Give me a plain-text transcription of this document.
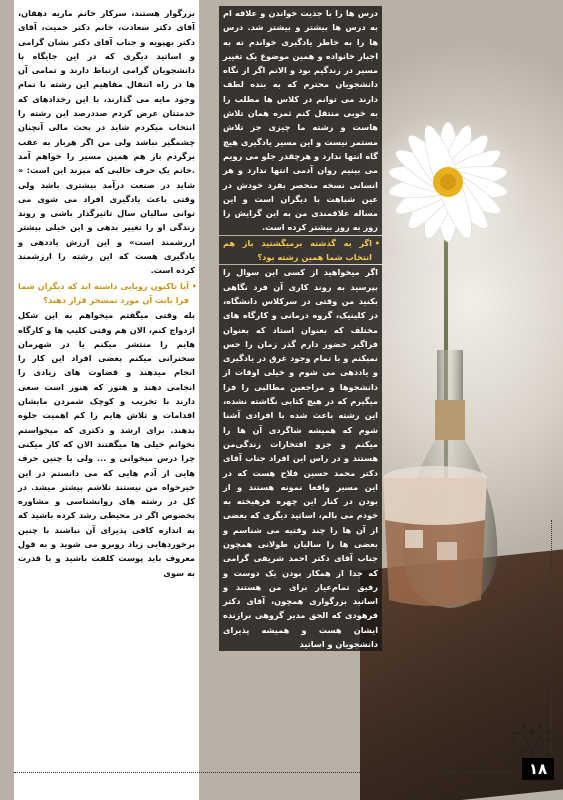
درس ها را با جدیت خواندن و علاقه ام به درس ها بیشتر و بیشتر شد. درس ها را به خاطر یادگیری خواندم نه به اجبار خانواده و همین موضوع یک تغییر مسیر در زندگیم بود و الانم اگر از نگاه دانشجویان محترم که به بنده لطف دارند می توانم در کلاس ها مطلب را به خوبی منتقل کنم ثمره همان تلاش هاست و رشته ما چیزی جز تلاش مستمر نیست و این مسیر یادگیری هیچ گاه انتها ندارد و هرچقدر جلو می رویم می بینیم روان آدمی انتها ندارد و هر انسانی نسخه منحصر بفرد خودش در عین شباهت با دیگران است و این مساله علاقمندی من به این گرایش را روز به روز بیشتر کرده است.

• اگر به گذشته برمیگشتید باز هم انتخاب شما همین رشته بود؟

اگر میخواهید از کسی این سوال را بپرسید به روند کاری آن فرد نگاهی بکنید من وقتی در سرکلاس دانشگاه، در کلینیک، گروه درمانی و کارگاه های مختلف که بعنوان استاد که بعنوان فراگیر حضور دارم گذر زمان را حس نمیکنم و با تمام وجود غرق در یادگیری و یاددهی می شوم و خیلی اوقات از دانشجوها و مراجعین مطالبی را فرا میگیرم که در هیچ کتابی نگاشته نشده، این رشته باعث شده با افرادی آشنا شوم که همیشه شاگردی آن ها را میکنم و جزو افتخارات زندگی‌من هستند و در راس این افراد جناب آقای دکتر محمد حسین فلاح هست که در این مسیر واقعا نمونه هستند و از بودن در کنار این چهره فرهیخته به خودم می بالم، اساتید دیگری که بعضی از آن ها را چند وقتیه می شناسم و بعضی ها را سالیان طولانی همچون جناب آقای دکتر احمد شریفی گرامی که جدا از همکار بودن یک دوست و رفیق تمام‌عیار برای من هستند و اساتید بزرگواری همچون، آقای دکتر فرهودی که الحق مدیر گروهی برازنده ایشان هست و همیشه پذیرای دانشجویان و اساتید

بزرگوار هستند، سرکار خانم ماریه دهقان، آقای دکتر سعادت، خانم دکتر حمیت، آقای دکتر بهپویه و جناب آقای دکتر نشان گرامی و اساتید دیگری که در این جایگاه با دانشجویان گرامی ارتباط دارند و تمامی آن ها در راه انتقال مفاهیم این رشته با تمام وجود مایه می گذارند، با این رخدادهای که خدمتتان عرض کردم صددرصد این رشته را انتخاب میکردم شاید در بحث مالی آنچنان چشمگیر نباشد ولی من اگر هربار به عقب برگردم باز هم همین مسیر را خواهم آمد .خانم یک حرف جالبی که میزند این است: « شاید در صنعت درآمد بیشتری باشد ولی وقتی باعث یادگیری افراد می شوی می توانی سالیان سال تاثیرگذار باشی و روند زندگی او را تغییر بدهی و این خیلی بیشتر ارزشمند است» و این ارزش یاددهی و یادگیری هست که این رشته را ارزشمند کرده است.

• آیا تاکنون رویایی داشته اید که دیگران شما فرا بابت آن مورد تمسخر قرار دهند؟

بله وقتی میگفتم میخواهم به این شکل ازدواج کنم، الان هم وقتی کلیپ ها و کارگاه هایم را منتشر میکنم یا در شهرمان سخنرانی میکنم بعضی افراد این کار را انجام میدهند و قضاوت های زیادی را انجامی دهند و هنوز که هنوز است سعی دارند با تخریب و کوچک شمردن مایشان اقدامات و تلاش هایم را کم اهمیت جلوه بدهند. برای ارشد و دکتری که میخواستم بخوانم خیلی ها میگفتند الان که کار میکنی چرا درس میخوانی و ... ولی با چنین حرف هایی از آدم هایی که می دانستم در این خیرخواه من نیستند تلاشم بیشتر میشد. در کل در رشته های روانشناسی و مشاوره بخصوص اگر در محیطی رشد کرده باشید که به اندازه کافی پذیرای آن نباشند با چنین برخوردهایی زیاد روبرو می شوید و به قول معروف باید پوست کلفت باشید و با قدرت به سوی

۱۸
